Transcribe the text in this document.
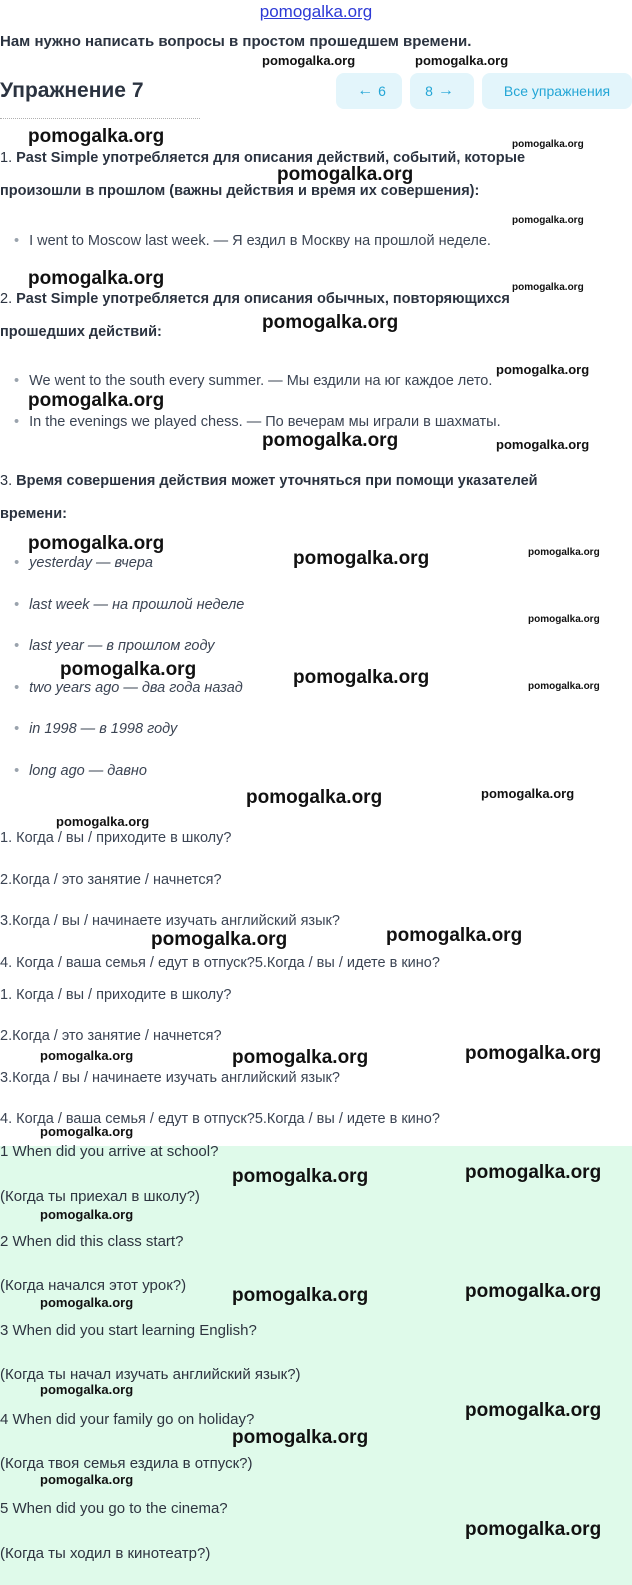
pomogalka.org
Нам нужно написать вопросы в простом прошедшем времени.
Упражнение 7	← 6	8 →	Все упражнения
1. Past Simple употребляется для описания действий, событий, которые
произошли в прошлом (важны действия и время их совершения):
• I went to Moscow last week. — Я ездил в Москву на прошлой неделе.
2. Past Simple употребляется для описания обычных, повторяющихся
прошедших действий:
• We went to the south every summer. — Мы ездили на юг каждое лето.
• In the evenings we played chess. — По вечерам мы играли в шахматы.
3. Время совершения действия может уточняться при помощи указателей
времени:
• yesterday — вчера
• last week — на прошлой неделе
• last year — в прошлом году
• two years ago — два года назад
• in 1998 — в 1998 году
• long ago — давно
1. Когда / вы / приходите в школу?
2.Когда / это занятие / начнется?
3.Когда / вы / начинаете изучать английский язык?
4. Когда / ваша семья / едут в отпуск?5.Когда / вы / идете в кино?
1. Когда / вы / приходите в школу?
2.Когда / это занятие / начнется?
3.Когда / вы / начинаете изучать английский язык?
4. Когда / ваша семья / едут в отпуск?5.Когда / вы / идете в кино?
1 When did you arrive at school?
(Когда ты приехал в школу?)
2 When did this class start?
(Когда начался этот урок?)
3 When did you start learning English?
(Когда ты начал изучать английский язык?)
4 When did your family go on holiday?
(Когда твоя семья ездила в отпуск?)
5 When did you go to the cinema?
(Когда ты ходил в кинотеатр?)
pomogalka.org	pomogalka.org
pomogalka.org	pomogalka.org
pomogalka.org
pomogalka.org
pomogalka.org	pomogalka.org
pomogalka.org
pomogalka.org
pomogalka.org
pomogalka.org	pomogalka.org
pomogalka.org
pomogalka.org	pomogalka.org
pomogalka.org
pomogalka.org	pomogalka.org	pomogalka.org
pomogalka.org	pomogalka.org
pomogalka.org
pomogalka.org	pomogalka.org
pomogalka.org	pomogalka.org	pomogalka.org
pomogalka.org
pomogalka.org	pomogalka.org
pomogalka.org
pomogalka.org	pomogalka.org	pomogalka.org
pomogalka.org
pomogalka.org
pomogalka.org
pomogalka.org
pomogalka.org
